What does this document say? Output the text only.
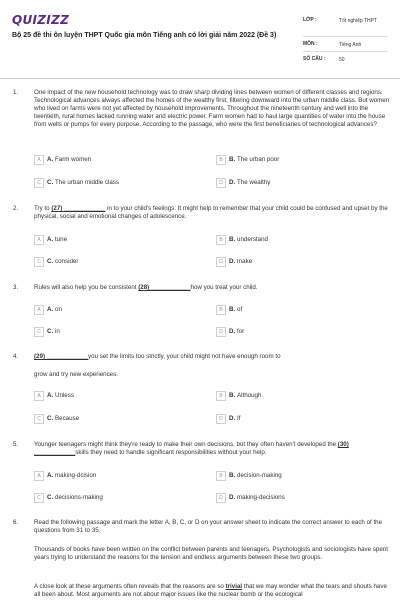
QUIZIZZ
Bộ 25 đề thi ôn luyện THPT Quốc gia môn Tiếng anh có lời giải năm 2022 (Đề 3)
LỚP :	Tốt nghiệp THPT
MÔN :	Tiếng Anh
SỐ CÂU :	50
1.	One impact of the new household technology was to draw sharp dividing lines between women of different classes and regions. Technological advances always affected the homes of the wealthy first, filtering downward into the urban middle class. But women who lived on farms were not yet affected by household improvements. Throughout the nineteenth century and well into the twentieth, rural homes lacked running water and electric power. Farm women had to haul large quantities of water into the house from wells or pumps for every purpose. According to the passage, who were the first beneficiaries of technological advances?
A	A. Farm women	B	B. The urban poor
C C. The urban middle class	D D. The wealthy
2.	Try to (27) ____________ in to your child's feelings. It might help to remember that your child could be confused and upset by the physical, social and emotional changes of adolescence.
A	A. tune	B	B. understand
C C. consider	D D. make
3.	Rules will also help you be consistent (28)____________how you treat your child.
A	A. on	B	B. of
C C. in	D D. for
4.	(29) ____________you set the limits too strictly, your child might not have enough room to
grow and try new experiences.
A	A. Unless	B	B. Although
C C. Because	D D. If
5.	Younger teenagers might think they're ready to make their own decisions, but they often haven't developed the (30) ____________skills they need to handle significant responsibilities without your help.
A	A. making-dcision	B	B. decision-making
C C. decisions-making	D D. making-decisions
6.	Read the following passage and mark the letter A, B, C, or D on your answer sheet to indicate the correct answer to each of the questions from 31 to 35.
Thousands of books have been written on the conflict between parents and teenagers. Psychologists and sociologists have spent years trying to understand the reasons for the tension and endless arguments between these two groups.
A close look at these arguments often reveals that the reasons are so trivial that we may wonder what the tears and shouts have all been about. Most arguments are not about major issues like the nuclear bomb or the ecological
